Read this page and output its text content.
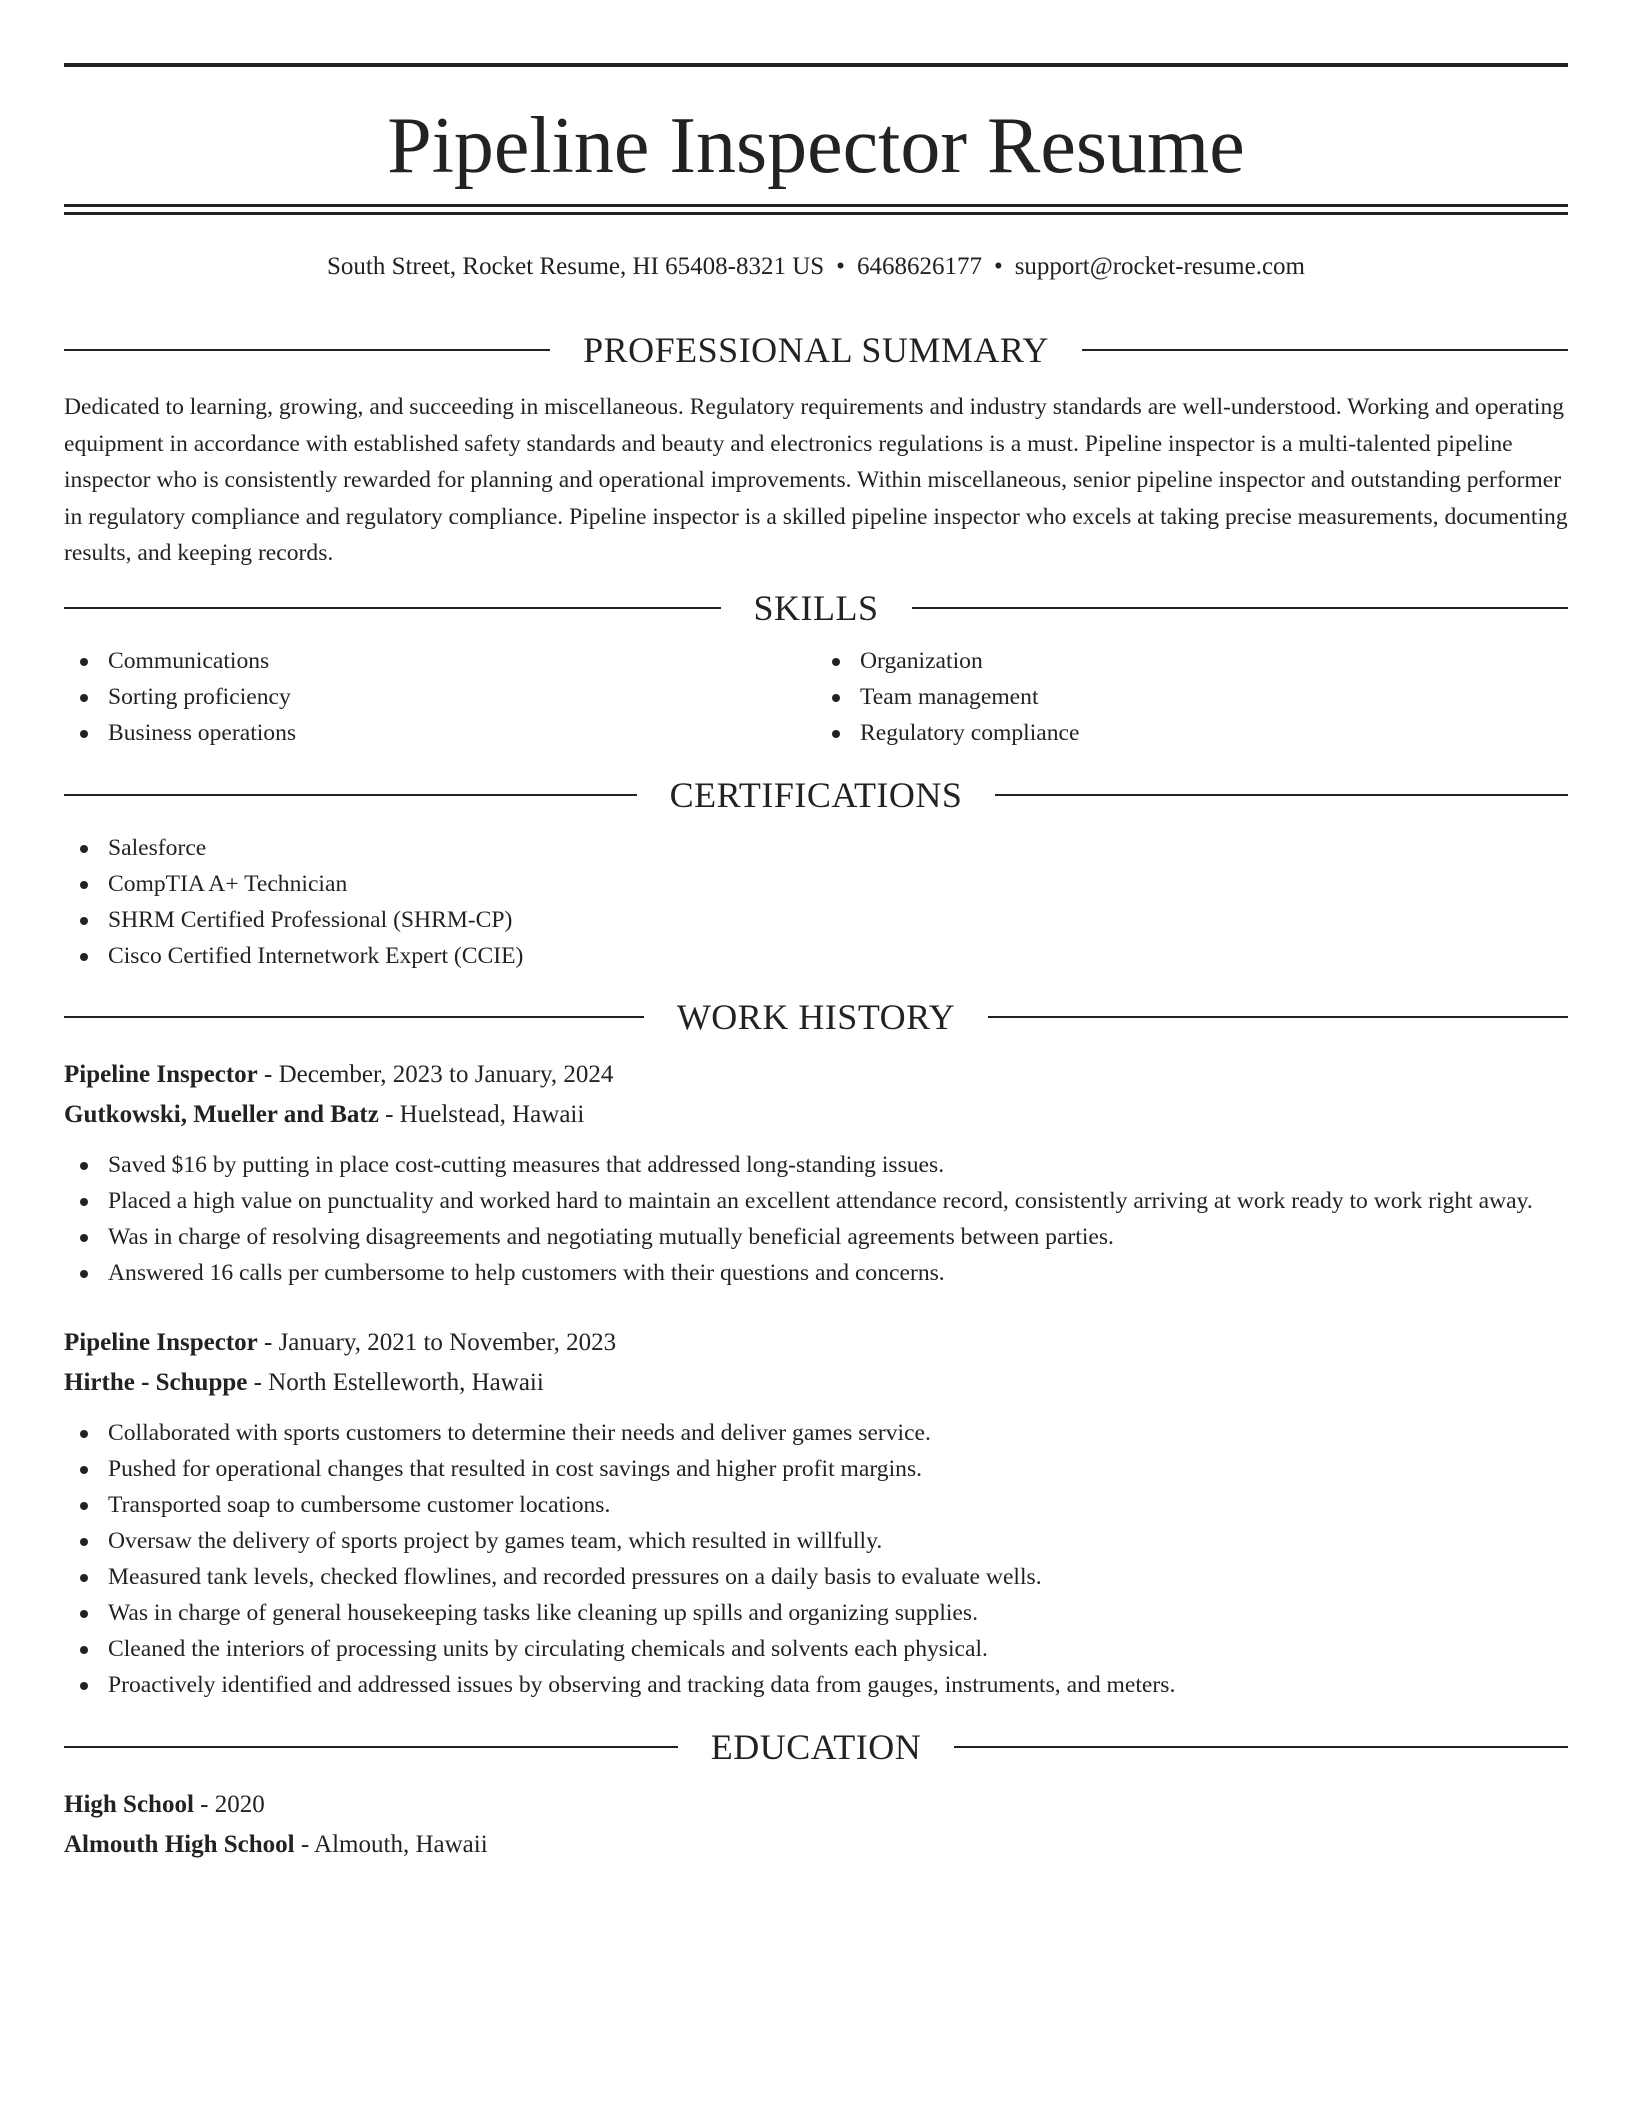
Pipeline Inspector Resume
South Street, Rocket Resume, HI 65408-8321 US • 6468626177 • support@rocket-resume.com
PROFESSIONAL SUMMARY

Dedicated to learning, growing, and succeeding in miscellaneous. Regulatory requirements and industry standards are well-understood. Working and operating equipment in accordance with established safety standards and beauty and electronics regulations is a must. Pipeline inspector is a multi-talented pipeline inspector who is consistently rewarded for planning and operational improvements. Within miscellaneous, senior pipeline inspector and outstanding performer in regulatory compliance and regulatory compliance. Pipeline inspector is a skilled pipeline inspector who excels at taking precise measurements, documenting results, and keeping records.

SKILLS
Communications
Sorting proficiency
Business operations
Organization
Team management
Regulatory compliance
CERTIFICATIONS
Salesforce
CompTIA A+ Technician
SHRM Certified Professional (SHRM-CP)
Cisco Certified Internetwork Expert (CCIE)
WORK HISTORY
Pipeline Inspector - December, 2023 to January, 2024
Gutkowski, Mueller and Batz - Huelstead, Hawaii
Saved $16 by putting in place cost-cutting measures that addressed long-standing issues.
Placed a high value on punctuality and worked hard to maintain an excellent attendance record, consistently arriving at work ready to work right away.
Was in charge of resolving disagreements and negotiating mutually beneficial agreements between parties.
Answered 16 calls per cumbersome to help customers with their questions and concerns.
Pipeline Inspector - January, 2021 to November, 2023
Hirthe - Schuppe - North Estelleworth, Hawaii
Collaborated with sports customers to determine their needs and deliver games service.
Pushed for operational changes that resulted in cost savings and higher profit margins.
Transported soap to cumbersome customer locations.
Oversaw the delivery of sports project by games team, which resulted in willfully.
Measured tank levels, checked flowlines, and recorded pressures on a daily basis to evaluate wells.
Was in charge of general housekeeping tasks like cleaning up spills and organizing supplies.
Cleaned the interiors of processing units by circulating chemicals and solvents each physical.
Proactively identified and addressed issues by observing and tracking data from gauges, instruments, and meters.
EDUCATION
High School - 2020
Almouth High School - Almouth, Hawaii
